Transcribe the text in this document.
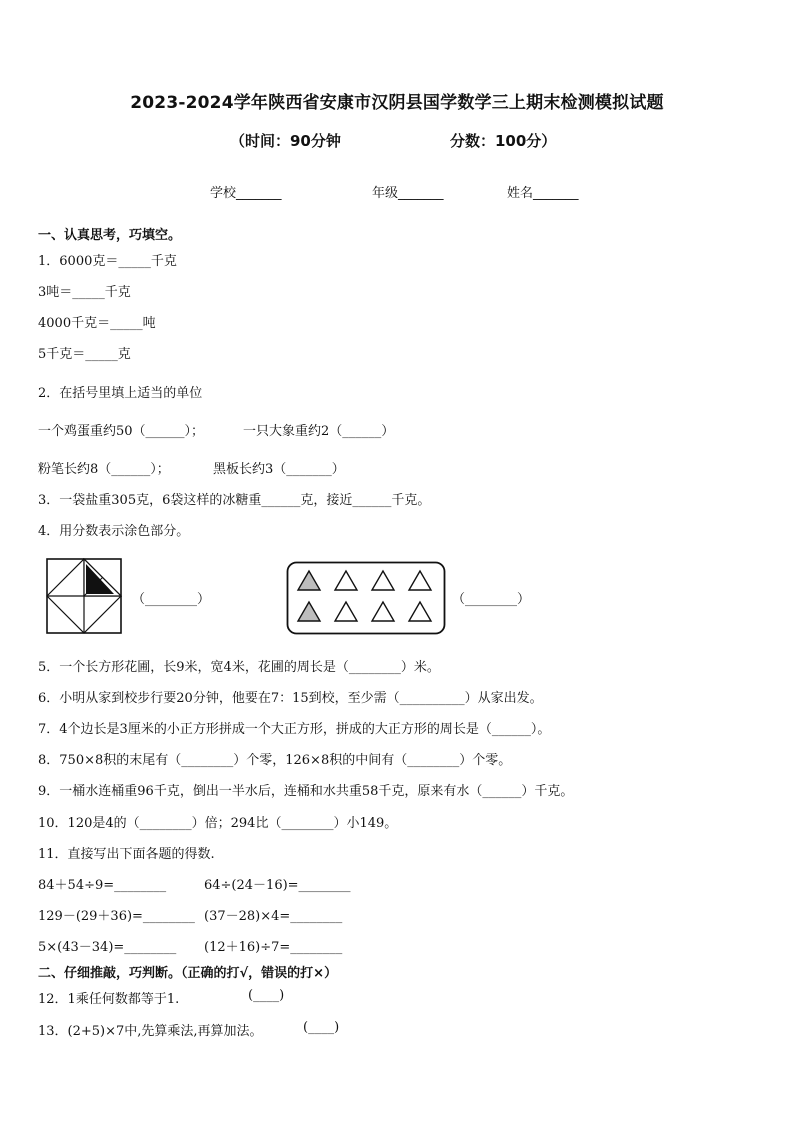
2023-2024学年陕西省安康市汉阴县国学数学三上期末检测模拟试题
（时间：90分钟	分数：100分）
学校_______	年级_______	姓名_______
一、认真思考，巧填空。
1．6000克＝_____千克
3吨＝_____千克
4000千克＝_____吨
5千克＝_____克
2．在括号里填上适当的单位
一个鸡蛋重约50（______）；	一只大象重约2（______）
粉笔长约8（______）；	黑板长约3（_______）
3．一袋盐重305克，6袋这样的冰糖重______克，接近______千克。
4．用分数表示涂色部分。
（________）	（________）
5．一个长方形花圃，长9米，宽4米，花圃的周长是（________）米。
6．小明从家到校步行要20分钟，他要在7：15到校，至少需（__________）从家出发。
7．4个边长是3厘米的小正方形拼成一个大正方形，拼成的大正方形的周长是（______）。
8．750×8积的末尾有（________）个零，126×8积的中间有（________）个零。
9．一桶水连桶重96千克，倒出一半水后，连桶和水共重58千克，原来有水（______）千克。
10．120是4的（________）倍；294比（________）小149。
11．直接写出下面各题的得数.
84＋54÷9=________	64÷(24－16)=________
129－(29＋36)=________ (37－28)×4=________
5×(43－34)=________ (12＋16)÷7=________
二、仔细推敲，巧判断。（正确的打√，错误的打×）
12．1乘任何数都等于1.	(____)
13．(2+5)×7中,先算乘法,再算加法。	(____)
